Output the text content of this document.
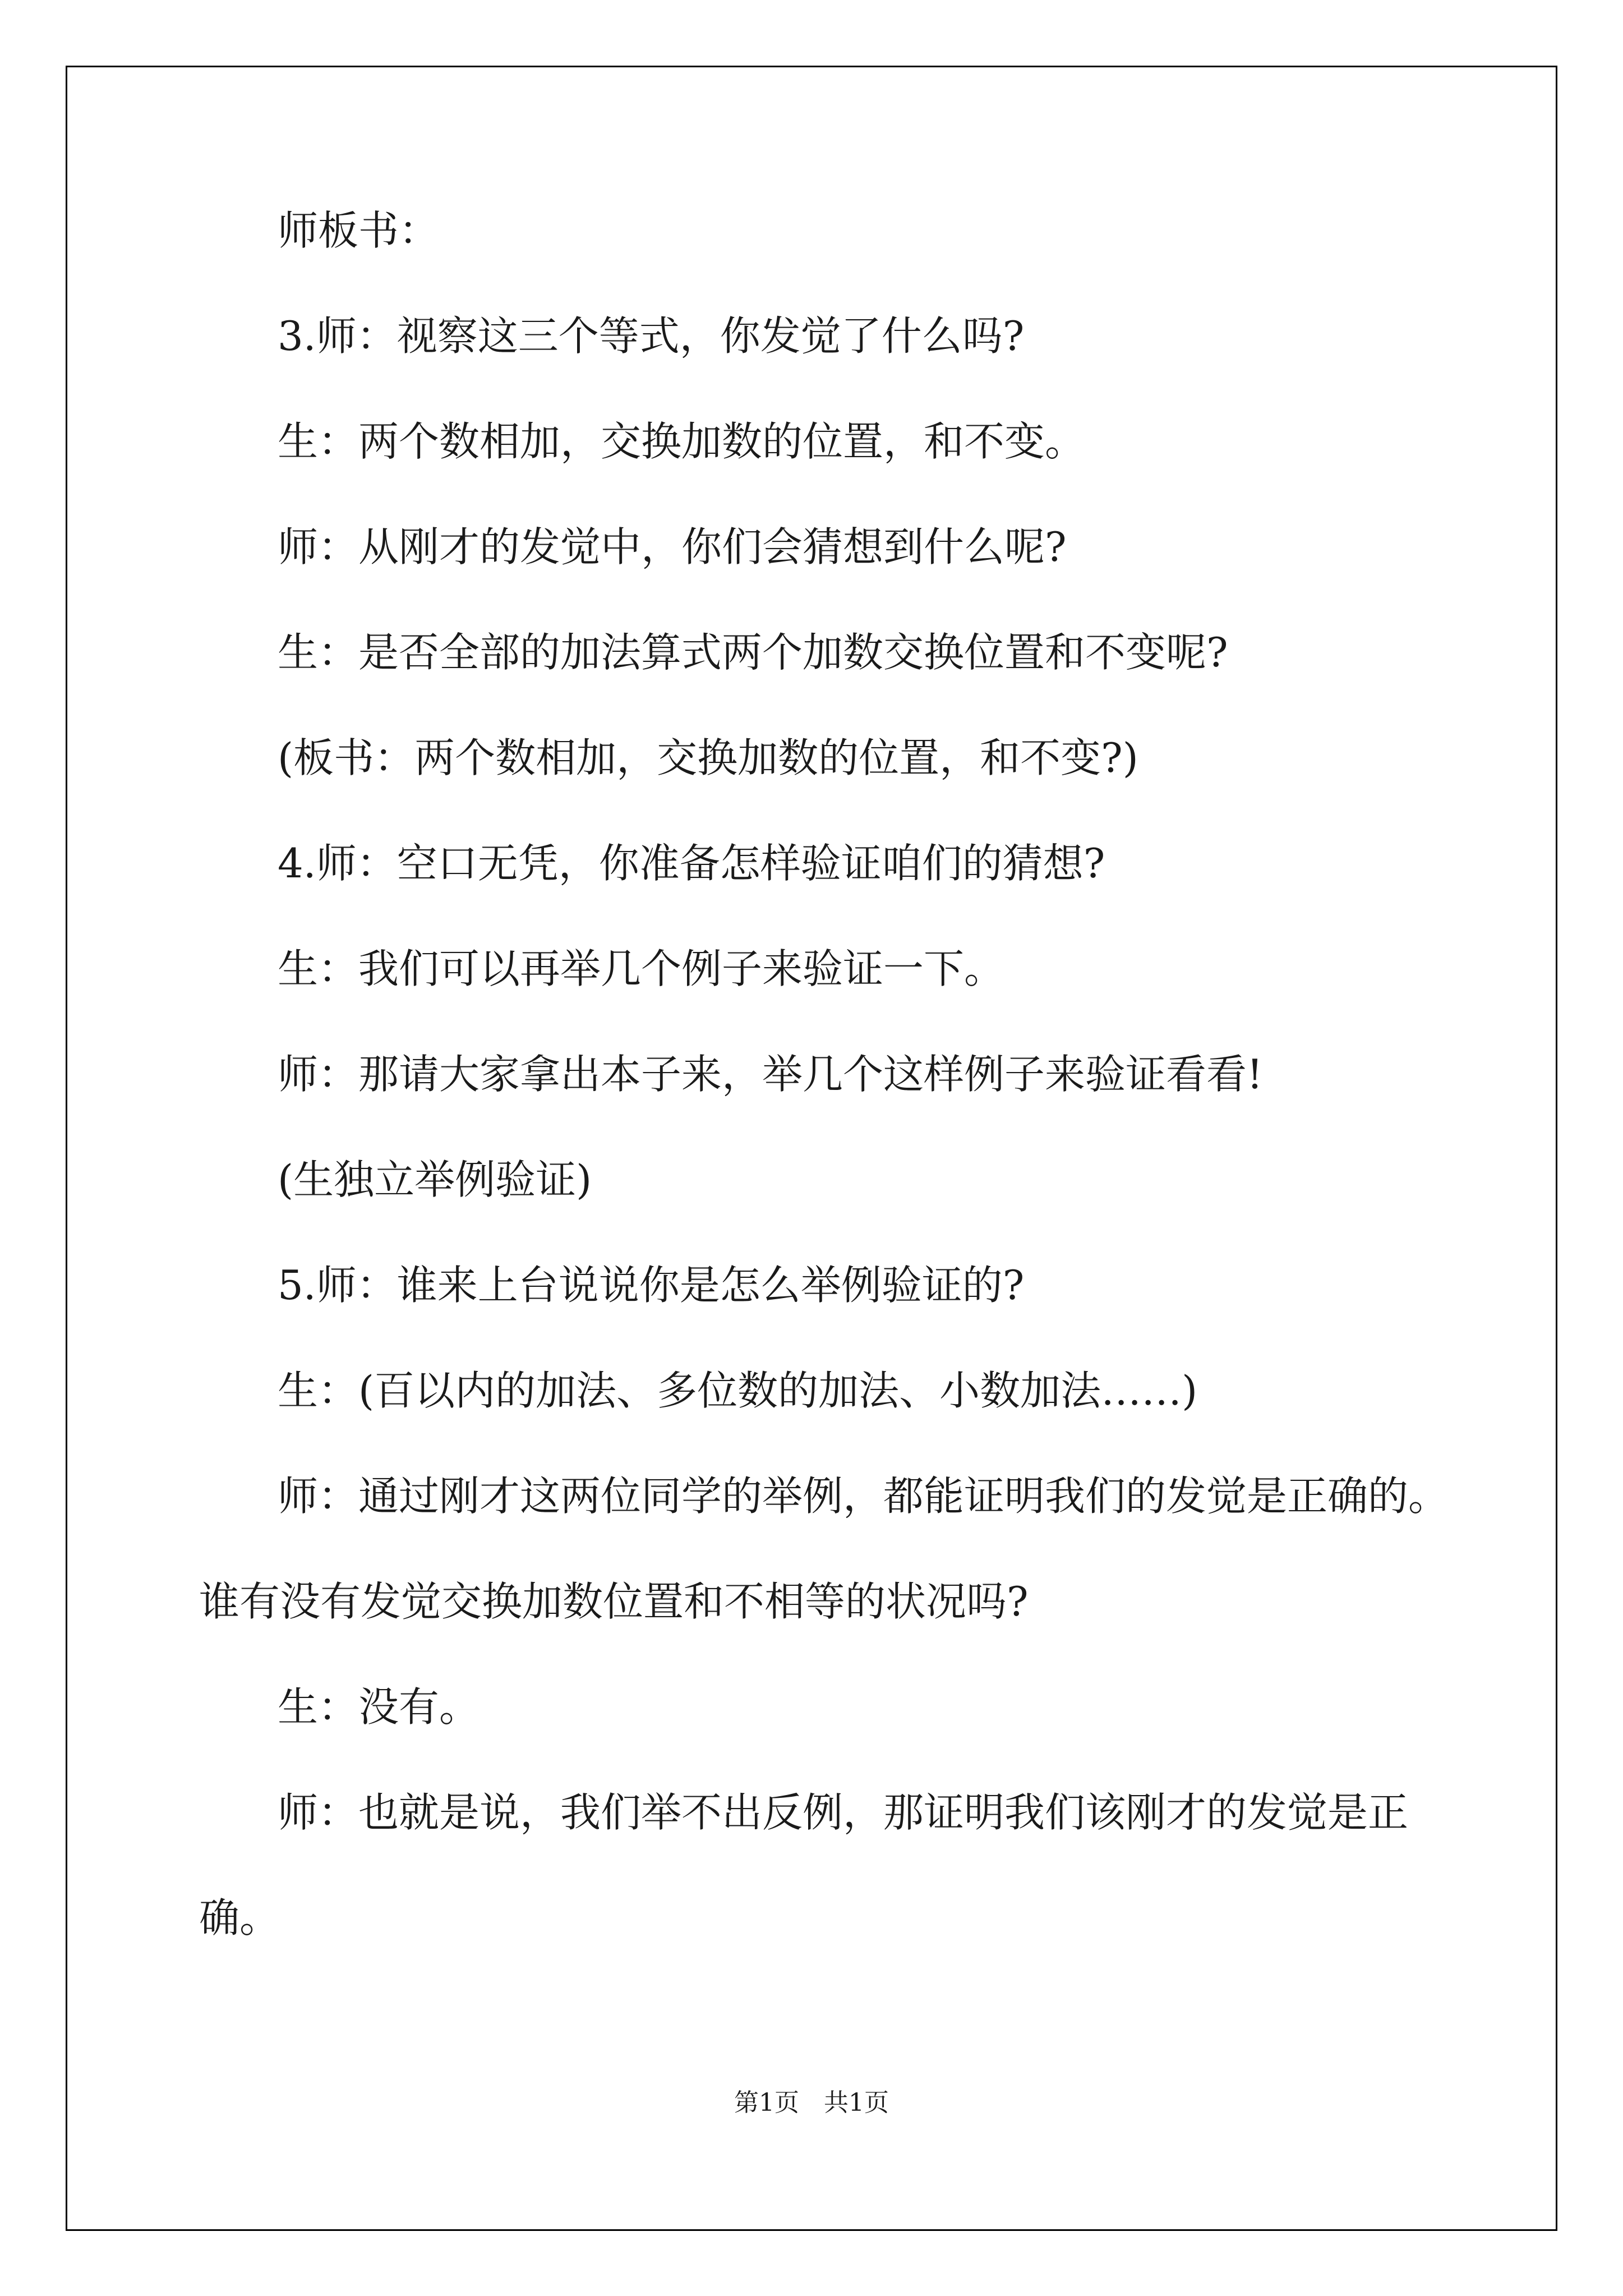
师板书：

3.师：视察这三个等式，你发觉了什么吗?

生：两个数相加，交换加数的位置，和不变。

师：从刚才的发觉中，你们会猜想到什么呢?

生：是否全部的加法算式两个加数交换位置和不变呢?

(板书：两个数相加，交换加数的位置，和不变?)

4.师：空口无凭，你准备怎样验证咱们的猜想?

生：我们可以再举几个例子来验证一下。

师：那请大家拿出本子来，举几个这样例子来验证看看!

(生独立举例验证)

5.师：谁来上台说说你是怎么举例验证的?

生：(百以内的加法、多位数的加法、小数加法……)

师：通过刚才这两位同学的举例，都能证明我们的发觉是正确的。谁有没有发觉交换加数位置和不相等的状况吗?

生：没有。

师：也就是说，我们举不出反例，那证明我们该刚才的发觉是正确。

第1页　共1页
